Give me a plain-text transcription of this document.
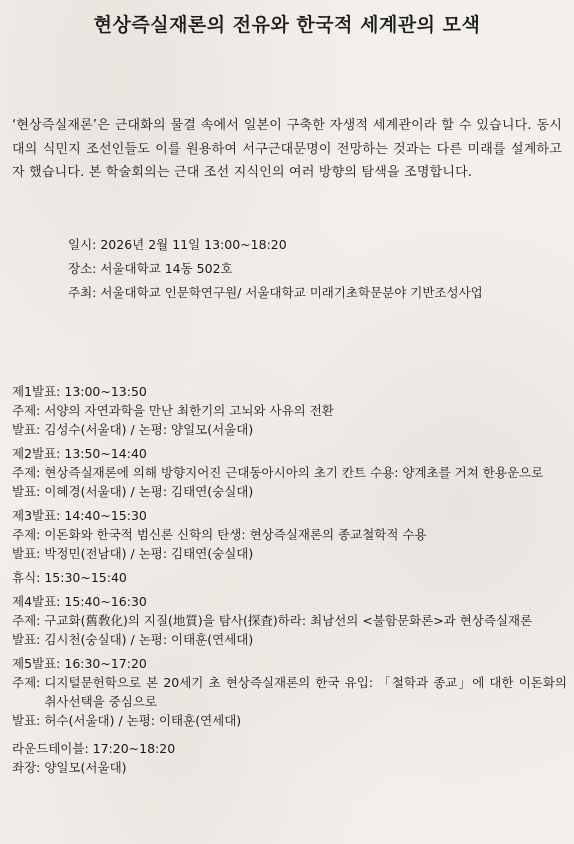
현상즉실재론의 전유와 한국적 세계관의 모색
‘현상즉실재론’은 근대화의 물결 속에서 일본이 구축한 자생적 세계관이라 할 수 있습니다. 동시대의 식민지 조선인들도 이를 원용하여 서구근대문명이 전망하는 것과는 다른 미래를 설계하고자 했습니다. 본 학술회의는 근대 조선 지식인의 여러 방향의 탐색을 조명합니다.
일시: 2026년 2월 11일 13:00~18:20
장소: 서울대학교 14동 502호
주최: 서울대학교 인문학연구원/ 서울대학교 미래기초학문분야 기반조성사업
제1발표: 13:00~13:50
주제:
서양의 자연과학을 만난 최한기의 고뇌와 사유의 전환
발표:
김성수(서울대) / 논평: 양일모(서울대)
제2발표: 13:50~14:40
주제:
현상즉실재론에 의해 방향지어진 근대동아시아의 초기 칸트 수용: 양계초를 거쳐 한용운으로
발표:
이혜경(서울대) / 논평: 김태연(숭실대)
제3발표: 14:40~15:30
주제:
이돈화와 한국적 범신론 신학의 탄생: 현상즉실재론의 종교철학적 수용
발표:
박정민(전남대) / 논평: 김태연(숭실대)
휴식: 15:30~15:40
제4발표: 15:40~16:30
주제:
구교화(舊敎化)의 지질(地質)을 탐사(探査)하라: 최남선의 <불함문화론>과 현상즉실재론
발표:
김시천(숭실대) / 논평: 이태훈(연세대)
제5발표: 16:30~17:20
주제:
디지털문헌학으로 본 20세기 초 현상즉실재론의 한국 유입: 「철학과 종교」에 대한 이돈화의 취사선택을 중심으로
발표:
허수(서울대) / 논평: 이태훈(연세대)
라운드테이블: 17:20~18:20
좌장: 양일모(서울대)
